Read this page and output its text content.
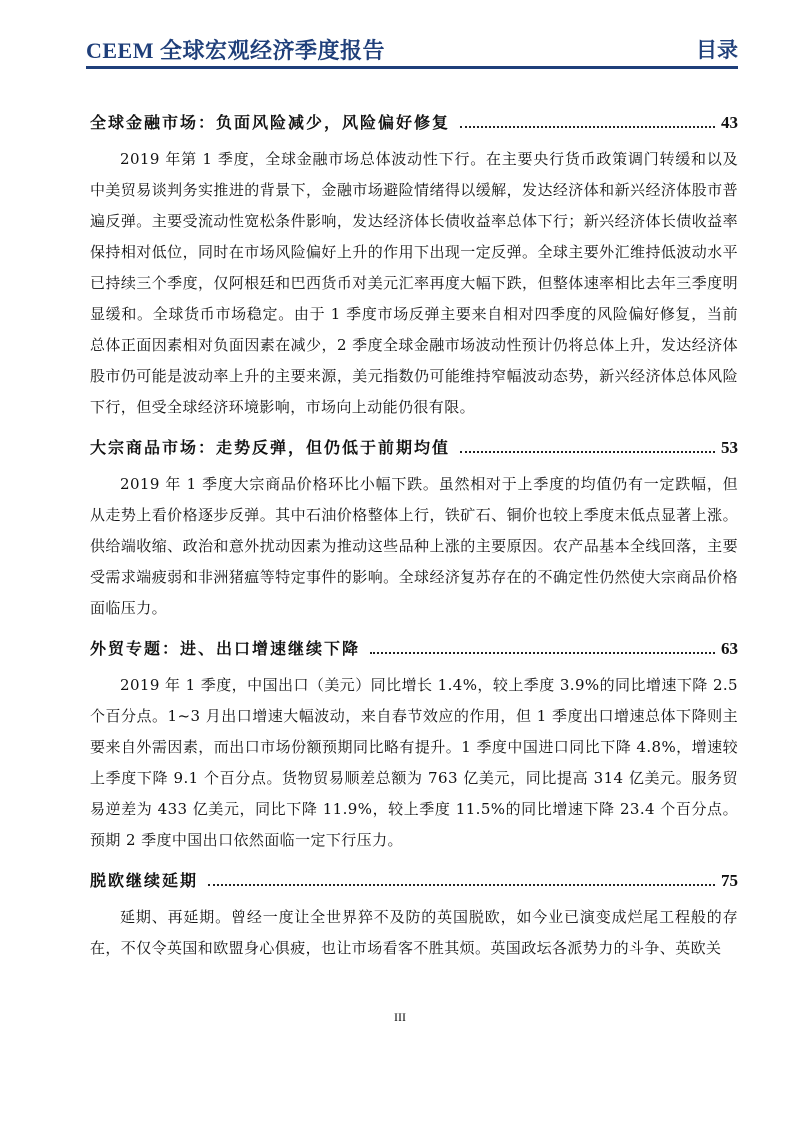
CEEM 全球宏观经济季度报告	目录
全球金融市场：负面风险减少，风险偏好修复	43

2019 年第 1 季度，全球金融市场总体波动性下行。在主要央行货币政策调门转缓和以及中美贸易谈判务实推进的背景下，金融市场避险情绪得以缓解，发达经济体和新兴经济体股市普遍反弹。主要受流动性宽松条件影响，发达经济体长债收益率总体下行；新兴经济体长债收益率保持相对低位，同时在市场风险偏好上升的作用下出现一定反弹。全球主要外汇维持低波动水平已持续三个季度，仅阿根廷和巴西货币对美元汇率再度大幅下跌，但整体速率相比去年三季度明显缓和。全球货币市场稳定。由于 1 季度市场反弹主要来自相对四季度的风险偏好修复，当前总体正面因素相对负面因素在减少，2 季度全球金融市场波动性预计仍将总体上升，发达经济体股市仍可能是波动率上升的主要来源，美元指数仍可能维持窄幅波动态势，新兴经济体总体风险下行，但受全球经济环境影响，市场向上动能仍很有限。

大宗商品市场：走势反弹，但仍低于前期均值	53

2019 年 1 季度大宗商品价格环比小幅下跌。虽然相对于上季度的均值仍有一定跌幅，但从走势上看价格逐步反弹。其中石油价格整体上行，铁矿石、铜价也较上季度末低点显著上涨。供给端收缩、政治和意外扰动因素为推动这些品种上涨的主要原因。农产品基本全线回落，主要受需求端疲弱和非洲猪瘟等特定事件的影响。全球经济复苏存在的不确定性仍然使大宗商品价格面临压力。

外贸专题：进、出口增速继续下降	63

2019 年 1 季度，中国出口（美元）同比增长 1.4%，较上季度 3.9%的同比增速下降 2.5 个百分点。1~3 月出口增速大幅波动，来自春节效应的作用，但 1 季度出口增速总体下降则主要来自外需因素，而出口市场份额预期同比略有提升。1 季度中国进口同比下降 4.8%，增速较上季度下降 9.1 个百分点。货物贸易顺差总额为 763 亿美元，同比提高 314 亿美元。服务贸易逆差为 433 亿美元，同比下降 11.9%，较上季度 11.5%的同比增速下降 23.4 个百分点。预期 2 季度中国出口依然面临一定下行压力。

脱欧继续延期	75

延期、再延期。曾经一度让全世界猝不及防的英国脱欧，如今业已演变成烂尾工程般的存在，不仅令英国和欧盟身心俱疲，也让市场看客不胜其烦。英国政坛各派势力的斗争、英欧关

III
